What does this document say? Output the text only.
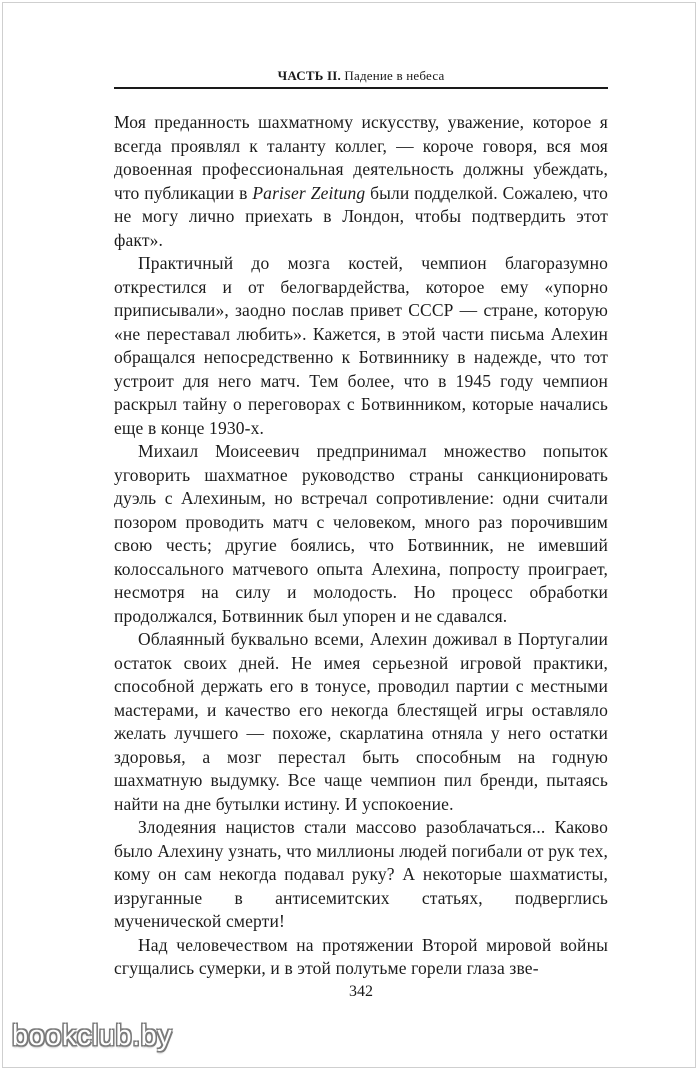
ЧАСТЬ II. Падение в небеса

Моя преданность шахматному искусству, уважение, которое я всегда проявлял к таланту коллег, — короче говоря, вся моя довоенная профессиональная деятельность должны убеждать, что публикации в Pariser Zeitung были подделкой. Сожалею, что не могу лично приехать в Лондон, чтобы подтвердить этот факт».

Практичный до мозга костей, чемпион благоразумно открестился и от белогвардейства, которое ему «упорно приписывали», заодно послав привет СССР — стране, которую «не переставал любить». Кажется, в этой части письма Алехин обращался непосредственно к Ботвиннику в надежде, что тот устроит для него матч. Тем более, что в 1945 году чемпион раскрыл тайну о переговорах с Ботвинником, которые начались еще в конце 1930-х.

Михаил Моисеевич предпринимал множество попыток уговорить шахматное руководство страны санкционировать дуэль с Алехиным, но встречал сопротивление: одни считали позором проводить матч с человеком, много раз порочившим свою честь; другие боялись, что Ботвинник, не имевший колоссального матчевого опыта Алехина, попросту проиграет, несмотря на силу и молодость. Но процесс обработки продолжался, Ботвинник был упорен и не сдавался.

Облаянный буквально всеми, Алехин доживал в Португалии остаток своих дней. Не имея серьезной игровой практики, способной держать его в тонусе, проводил партии с местными мастерами, и качество его некогда блестящей игры оставляло желать лучшего — похоже, скарлатина отняла у него остатки здоровья, а мозг перестал быть способным на годную шахматную выдумку. Все чаще чемпион пил бренди, пытаясь найти на дне бутылки истину. И успокоение.

Злодеяния нацистов стали массово разоблачаться... Каково было Алехину узнать, что миллионы людей погибали от рук тех, кому он сам некогда подавал руку? А некоторые шахматисты, изруганные в антисемитских статьях, подверглись мученической смерти!

Над человечеством на протяжении Второй мировой войны сгущались сумерки, и в этой полутьме горели глаза зве-

342
bookclub.by
